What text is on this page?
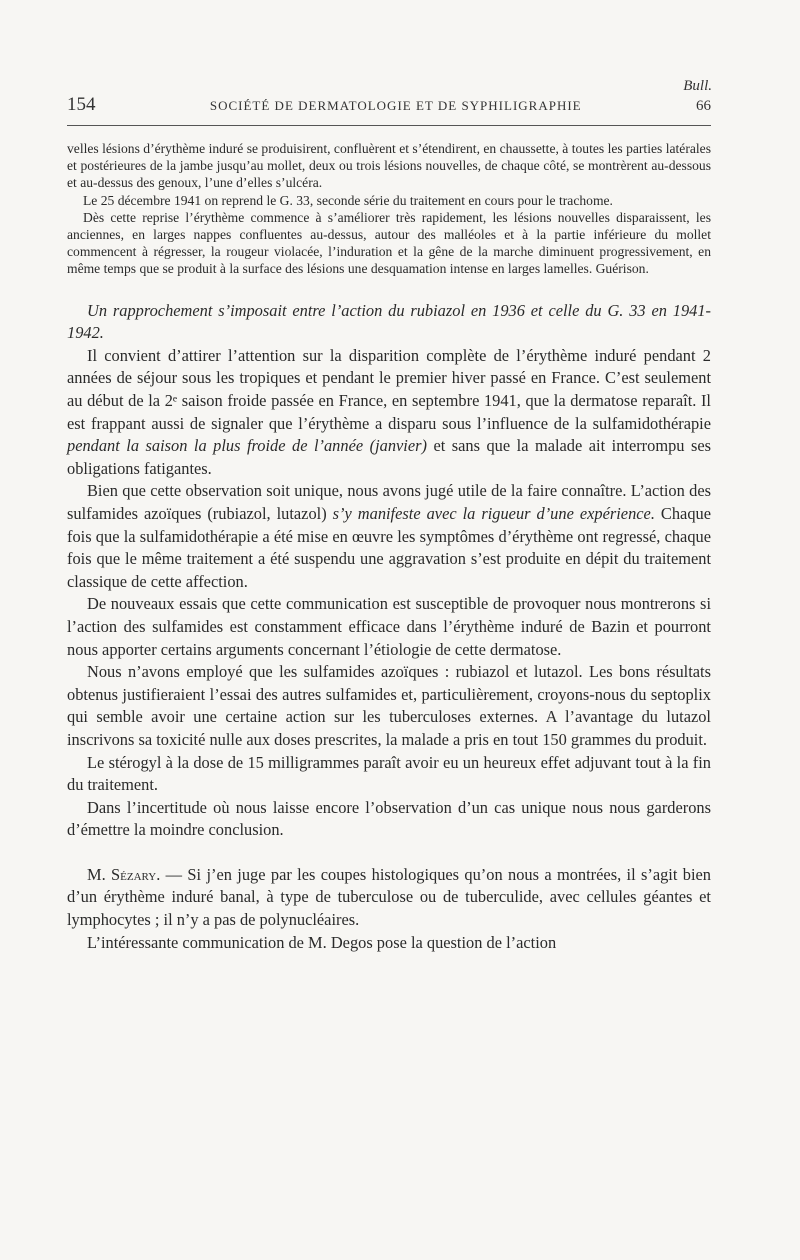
Bull.
154	SOCIÉTÉ DE DERMATOLOGIE ET DE SYPHILIGRAPHIE	66

velles lésions d’érythème induré se produisirent, confluèrent et s’étendirent, en chaussette, à toutes les parties latérales et postérieures de la jambe jusqu’au mollet, deux ou trois lésions nouvelles, de chaque côté, se montrèrent au-dessous et au-dessus des genoux, l’une d’elles s’ulcéra.

Le 25 décembre 1941 on reprend le G. 33, seconde série du traitement en cours pour le trachome.

Dès cette reprise l’érythème commence à s’améliorer très rapidement, les lésions nouvelles disparaissent, les anciennes, en larges nappes confluentes au-dessus, autour des malléoles et à la partie inférieure du mollet commencent à régresser, la rougeur violacée, l’induration et la gêne de la marche diminuent progressivement, en même temps que se produit à la surface des lésions une desquamation intense en larges lamelles. Guérison.

Un rapprochement s’imposait entre l’action du rubiazol en 1936 et celle du G. 33 en 1941-1942.

Il convient d’attirer l’attention sur la disparition complète de l’érythème induré pendant 2 années de séjour sous les tropiques et pendant le premier hiver passé en France. C’est seulement au début de la 2ᵉ saison froide passée en France, en septembre 1941, que la dermatose reparaît. Il est frappant aussi de signaler que l’érythème a disparu sous l’influence de la sulfamidothérapie pendant la saison la plus froide de l’année (janvier) et sans que la malade ait interrompu ses obligations fatigantes.

Bien que cette observation soit unique, nous avons jugé utile de la faire connaître. L’action des sulfamides azoïques (rubiazol, lutazol) s’y manifeste avec la rigueur d’une expérience. Chaque fois que la sulfamidothérapie a été mise en œuvre les symptômes d’érythème ont regressé, chaque fois que le même traitement a été suspendu une aggravation s’est produite en dépit du traitement classique de cette affection.

De nouveaux essais que cette communication est susceptible de provoquer nous montrerons si l’action des sulfamides est constamment efficace dans l’érythème induré de Bazin et pourront nous apporter certains arguments concernant l’étiologie de cette dermatose.

Nous n’avons employé que les sulfamides azoïques : rubiazol et lutazol. Les bons résultats obtenus justifieraient l’essai des autres sulfamides et, particulièrement, croyons-nous du septoplix qui semble avoir une certaine action sur les tuberculoses externes. A l’avantage du lutazol inscrivons sa toxicité nulle aux doses prescrites, la malade a pris en tout 150 grammes du produit.

Le stérogyl à la dose de 15 milligrammes paraît avoir eu un heureux effet adjuvant tout à la fin du traitement.

Dans l’incertitude où nous laisse encore l’observation d’un cas unique nous nous garderons d’émettre la moindre conclusion.

M. Sézary. — Si j’en juge par les coupes histologiques qu’on nous a montrées, il s’agit bien d’un érythème induré banal, à type de tuberculose ou de tuberculide, avec cellules géantes et lymphocytes ; il n’y a pas de polynucléaires.

L’intéressante communication de M. Degos pose la question de l’action
